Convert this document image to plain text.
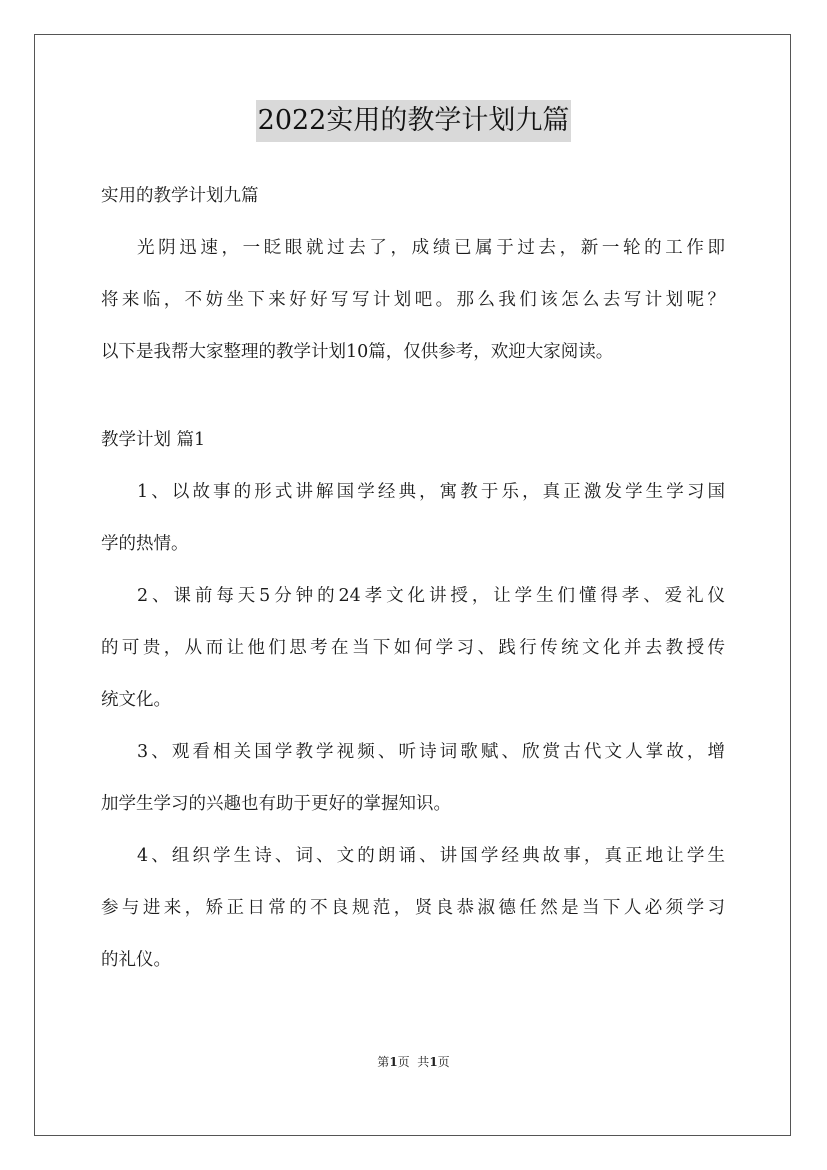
2022实用的教学计划九篇
实用的教学计划九篇
光阴迅速，一眨眼就过去了，成绩已属于过去，新一轮的工作即
将来临，不妨坐下来好好写写计划吧。那么我们该怎么去写计划呢？
以下是我帮大家整理的教学计划10篇，仅供参考，欢迎大家阅读。
教学计划 篇1
1、以故事的形式讲解国学经典，寓教于乐，真正激发学生学习国
学的热情。
2、课前每天5分钟的24孝文化讲授，让学生们懂得孝、爱礼仪
的可贵，从而让他们思考在当下如何学习、践行传统文化并去教授传
统文化。
3、观看相关国学教学视频、听诗词歌赋、欣赏古代文人掌故，增
加学生学习的兴趣也有助于更好的掌握知识。
4、组织学生诗、词、文的朗诵、讲国学经典故事，真正地让学生
参与进来，矫正日常的不良规范，贤良恭淑德任然是当下人必须学习
的礼仪。
第1页  共1页
